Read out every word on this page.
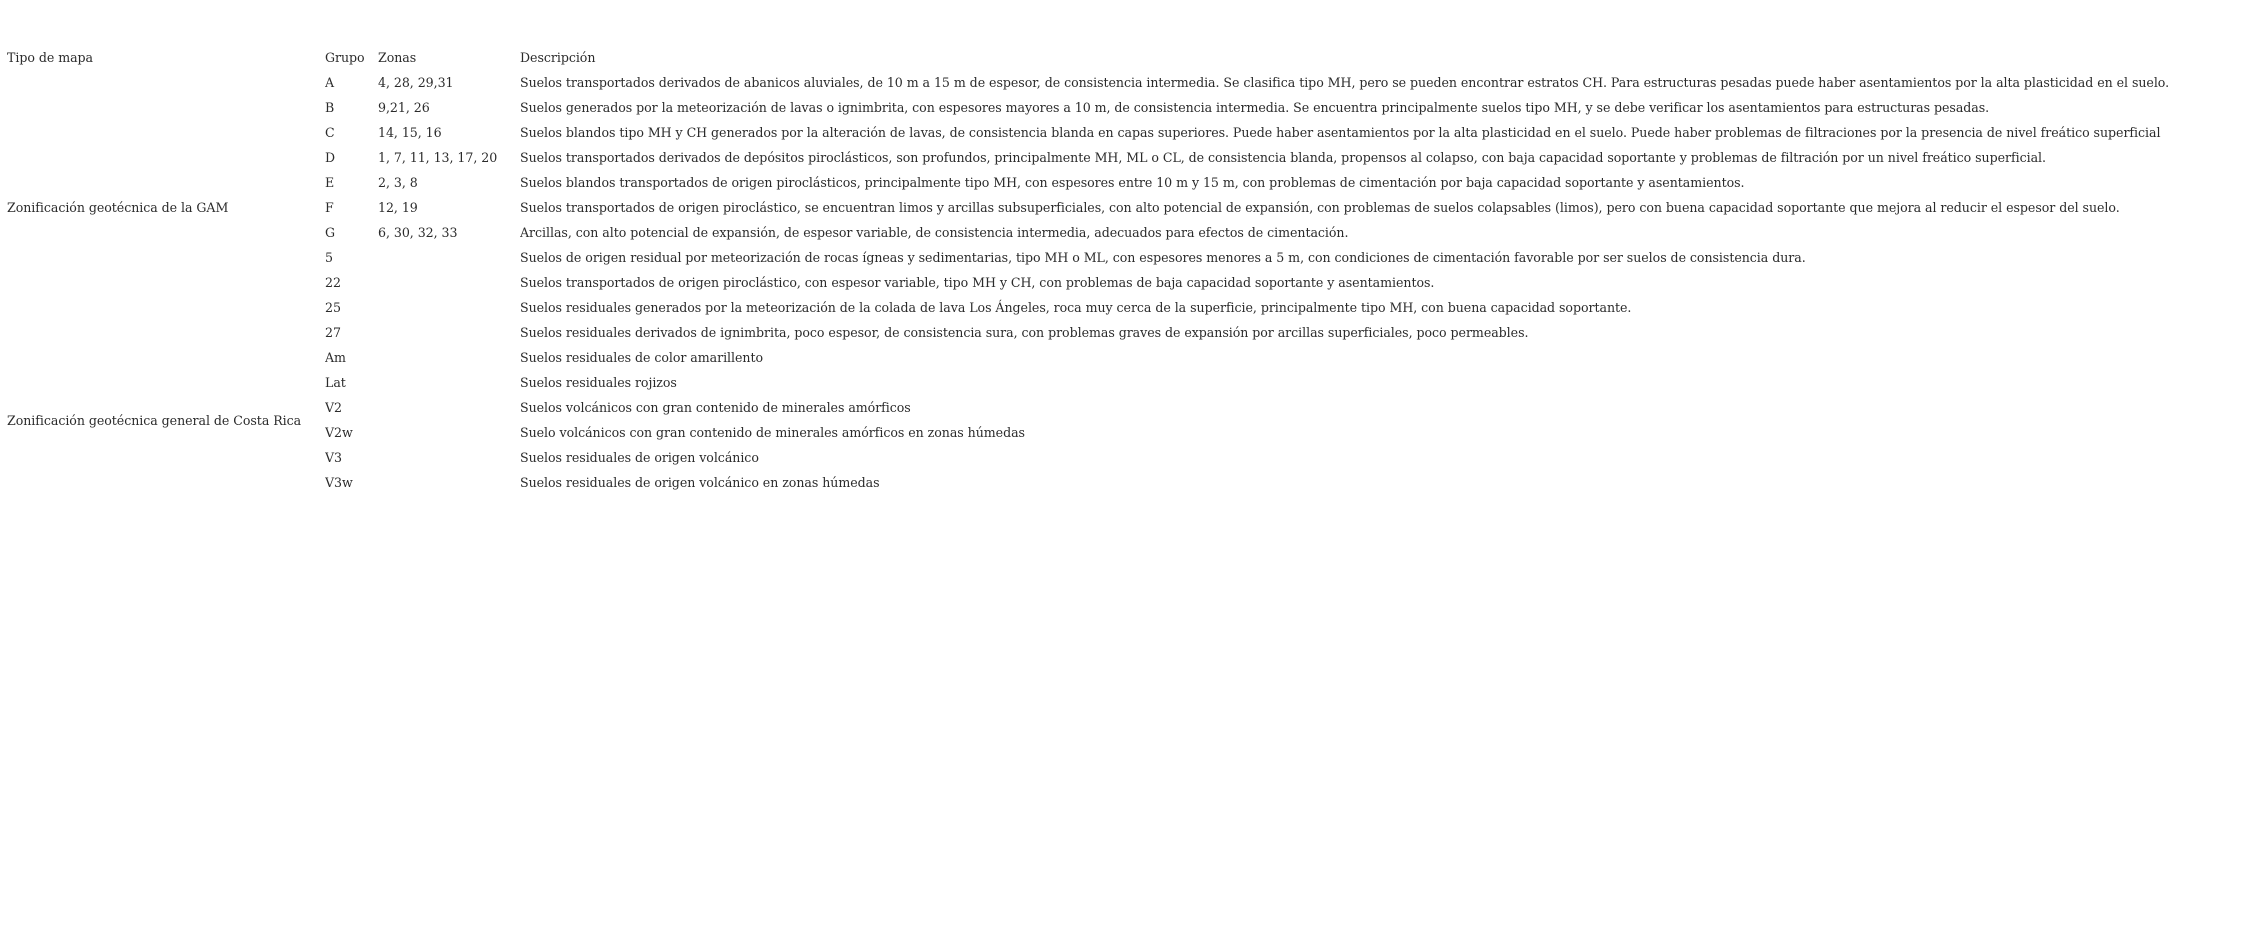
Tipo de mapa	Grupo	Zonas	Descripción
Zonificación geotécnica de la GAM	A	4, 28, 29,31	Suelos transportados derivados de abanicos aluviales, de 10 m a 15 m de espesor, de consistencia intermedia. Se clasifica tipo MH, pero se pueden encontrar estratos CH. Para estructuras pesadas puede haber asentamientos por la alta plasticidad en el suelo.
	B	9,21, 26	Suelos generados por la meteorización de lavas o ignimbrita, con espesores mayores a 10 m, de consistencia intermedia. Se encuentra principalmente suelos tipo MH, y se debe verificar los asentamientos para estructuras pesadas.
	C	14, 15, 16	Suelos blandos tipo MH y CH generados por la alteración de lavas, de consistencia blanda en capas superiores. Puede haber asentamientos por la alta plasticidad en el suelo. Puede haber problemas de filtraciones por la presencia de nivel freático superficial
	D	1, 7, 11, 13, 17, 20	Suelos transportados derivados de depósitos piroclásticos, son profundos, principalmente MH, ML o CL, de consistencia blanda, propensos al colapso, con baja capacidad soportante y problemas de filtración por un nivel freático superficial.
	E	2, 3, 8	Suelos blandos transportados de origen piroclásticos, principalmente tipo MH, con espesores entre 10 m y 15 m, con problemas de cimentación por baja capacidad soportante y asentamientos.
	F	12, 19	Suelos transportados de origen piroclástico, se encuentran limos y arcillas subsuperficiales, con alto potencial de expansión, con problemas de suelos colapsables (limos), pero con buena capacidad soportante que mejora al reducir el espesor del suelo.
	G	6, 30, 32, 33	Arcillas, con alto potencial de expansión, de espesor variable, de consistencia intermedia, adecuados para efectos de cimentación.
	5		Suelos de origen residual por meteorización de rocas ígneas y sedimentarias, tipo MH o ML, con espesores menores a 5 m, con condiciones de cimentación favorable por ser suelos de consistencia dura.
	22		Suelos transportados de origen piroclástico, con espesor variable, tipo MH y CH, con problemas de baja capacidad soportante y asentamientos.
	25		Suelos residuales generados por la meteorización de la colada de lava Los Ángeles, roca muy cerca de la superficie, principalmente tipo MH, con buena capacidad soportante.
	27		Suelos residuales derivados de ignimbrita, poco espesor, de consistencia sura, con problemas graves de expansión por arcillas superficiales, poco permeables.
Zonificación geotécnica general de Costa Rica	Am		Suelos residuales de color amarillento
	Lat		Suelos residuales rojizos
	V2		Suelos volcánicos con gran contenido de minerales amórficos
	V2w		Suelo volcánicos con gran contenido de minerales amórficos en zonas húmedas
	V3		Suelos residuales de origen volcánico
	V3w		Suelos residuales de origen volcánico en zonas húmedas
